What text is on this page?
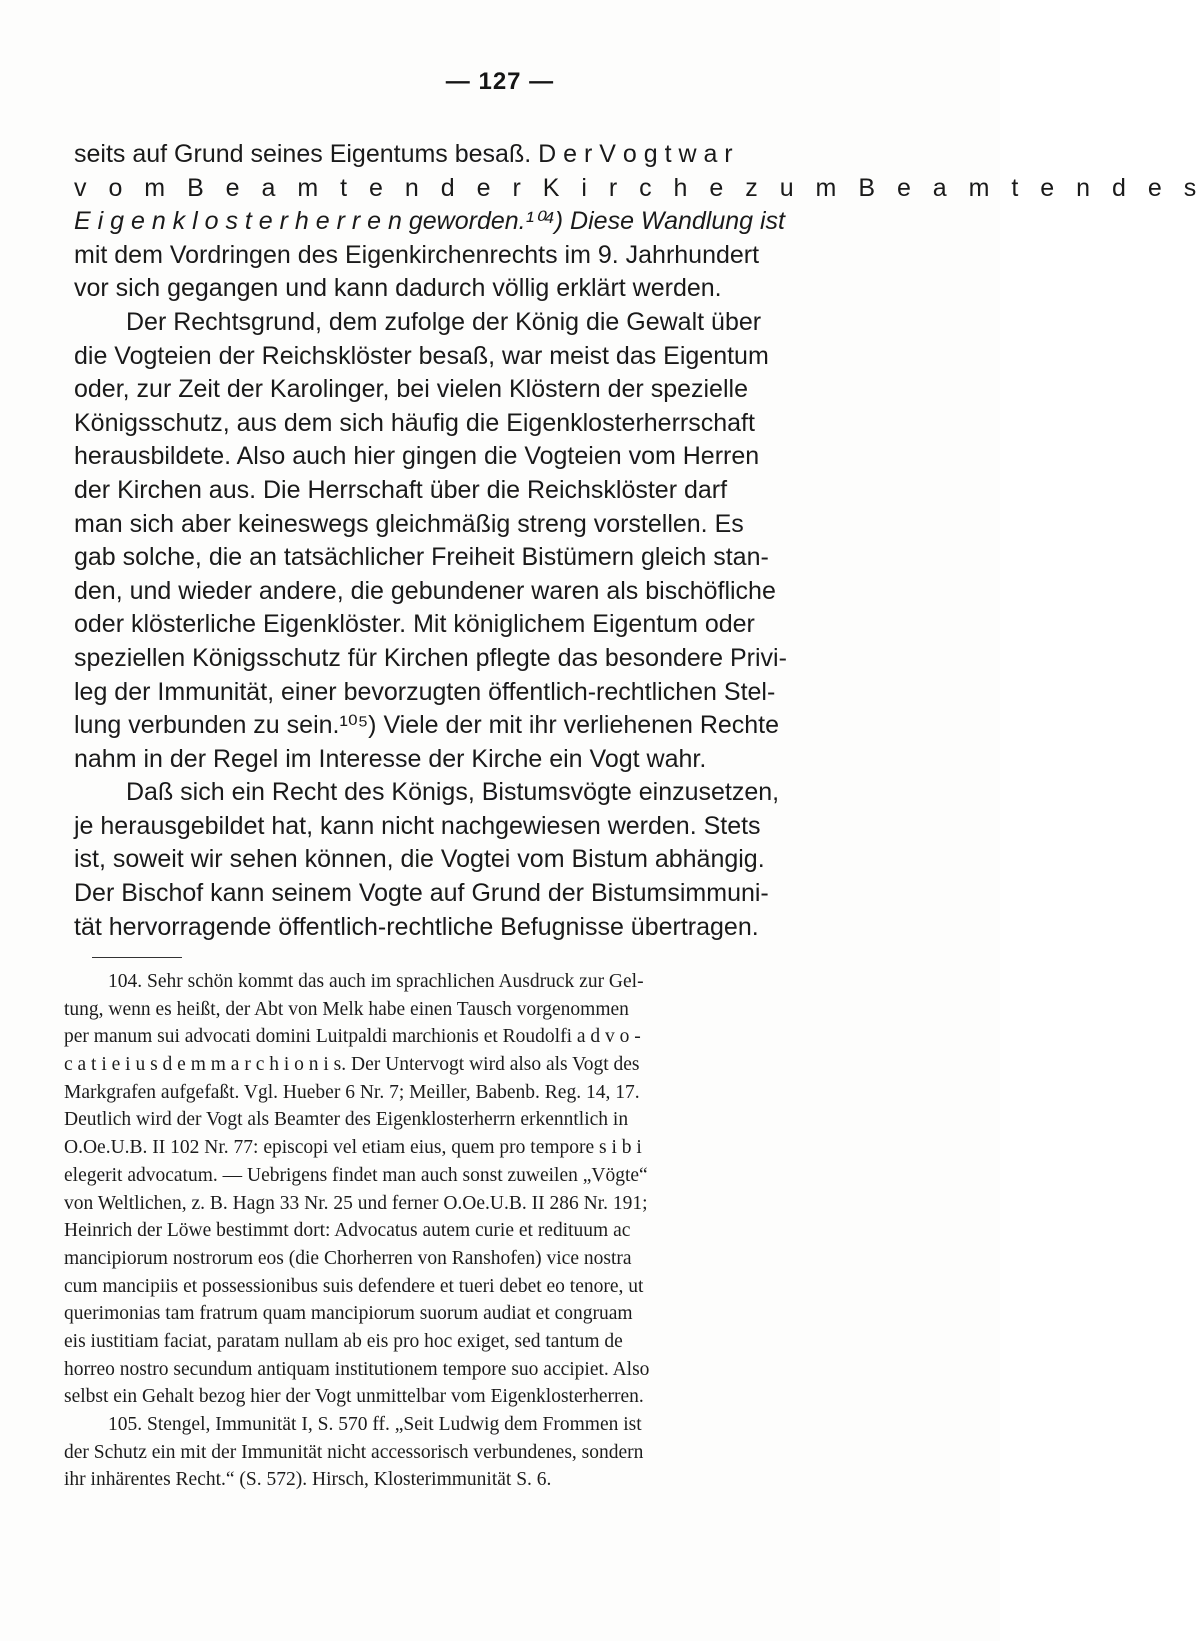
— 127 —
seits auf Grund seines Eigentums besaß. D e r V o g t w a r
v o m B e a m t e n d e r K i r c h e z u m B e a m t e n d e s
E i g e n k l o s t e r h e r r e n geworden.¹⁰⁴) Diese Wandlung ist
mit dem Vordringen des Eigenkirchenrechts im 9. Jahrhundert
vor sich gegangen und kann dadurch völlig erklärt werden.
Der Rechtsgrund, dem zufolge der König die Gewalt über
die Vogteien der Reichsklöster besaß, war meist das Eigentum
oder, zur Zeit der Karolinger, bei vielen Klöstern der spezielle
Königsschutz, aus dem sich häufig die Eigenklosterherrschaft
herausbildete. Also auch hier gingen die Vogteien vom Herren
der Kirchen aus. Die Herrschaft über die Reichsklöster darf
man sich aber keineswegs gleichmäßig streng vorstellen. Es
gab solche, die an tatsächlicher Freiheit Bistümern gleich stan-
den, und wieder andere, die gebundener waren als bischöfliche
oder klösterliche Eigenklöster. Mit königlichem Eigentum oder
speziellen Königsschutz für Kirchen pflegte das besondere Privi-
leg der Immunität, einer bevorzugten öffentlich-rechtlichen Stel-
lung verbunden zu sein.¹⁰⁵) Viele der mit ihr verliehenen Rechte
nahm in der Regel im Interesse der Kirche ein Vogt wahr.
Daß sich ein Recht des Königs, Bistumsvögte einzusetzen,
je herausgebildet hat, kann nicht nachgewiesen werden. Stets
ist, soweit wir sehen können, die Vogtei vom Bistum abhängig.
Der Bischof kann seinem Vogte auf Grund der Bistumsimmuni-
tät hervorragende öffentlich-rechtliche Befugnisse übertragen.
104. Sehr schön kommt das auch im sprachlichen Ausdruck zur Gel-
tung, wenn es heißt, der Abt von Melk habe einen Tausch vorgenommen
per manum sui advocati domini Luitpaldi marchionis et Roudolfi a d v o -
c a t i e i u s d e m m a r c h i o n i s. Der Untervogt wird also als Vogt des
Markgrafen aufgefaßt. Vgl. Hueber 6 Nr. 7; Meiller, Babenb. Reg. 14, 17.
Deutlich wird der Vogt als Beamter des Eigenklosterherrn erkenntlich in
O.Oe.U.B. II 102 Nr. 77: episcopi vel etiam eius, quem pro tempore s i b i
elegerit advocatum. — Uebrigens findet man auch sonst zuweilen „Vögte“
von Weltlichen, z. B. Hagn 33 Nr. 25 und ferner O.Oe.U.B. II 286 Nr. 191;
Heinrich der Löwe bestimmt dort: Advocatus autem curie et redituum ac
mancipiorum nostrorum eos (die Chorherren von Ranshofen) vice nostra
cum mancipiis et possessionibus suis defendere et tueri debet eo tenore, ut
querimonias tam fratrum quam mancipiorum suorum audiat et congruam
eis iustitiam faciat, paratam nullam ab eis pro hoc exiget, sed tantum de
horreo nostro secundum antiquam institutionem tempore suo accipiet. Also
selbst ein Gehalt bezog hier der Vogt unmittelbar vom Eigenklosterherren.
105. Stengel, Immunität I, S. 570 ff. „Seit Ludwig dem Frommen ist
der Schutz ein mit der Immunität nicht accessorisch verbundenes, sondern
ihr inhärentes Recht.“ (S. 572). Hirsch, Klosterimmunität S. 6.
